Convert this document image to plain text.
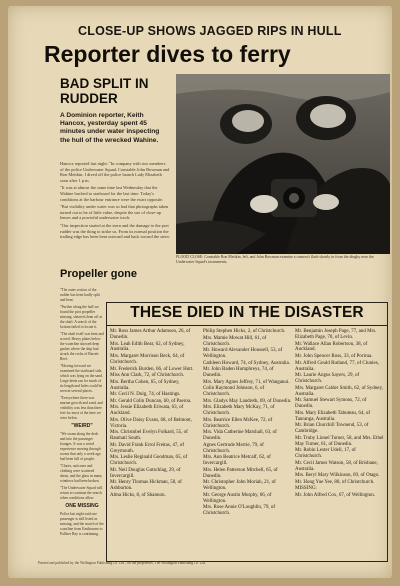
CLOSE-UP SHOWS JAGGED RIPS IN HULL
Reporter dives to ferry
BAD SPLIT IN RUDDER
A Dominion reporter, Keith Hancox, yesterday spent 45 minutes under water inspecting the hull of the wrecked Wahine.

Hancox reported last night: "In company with two members of the police Underwater Squad, Constable John Bowman and Ron Mettkin, I dived off the police launch Lady Elizabeth soon after 1 p.m.

"It was at almost the same time last Wednesday that the Wahine lurched to starboard for the last time. Today's conditions at the harbour entrance were the exact opposite.

"But visibility under water was so bad that photographs taken turned out to be of little value, despite the use of close-up lenses and a powerful underwater torch.

"Our inspection started at the stern and the damage to the port rudder was the thing to strike us. From its normal position the trailing edge has been bent outward and back toward the stern.

FLOOD CLOSE: Constable Ron Mettkin, left, and John Bowman examine a camera's flash shortly in from the dinghy near the Underwater Squad's instruments.
Propeller gone

"The outer section of the rudder has been badly split and bent.

"Further along the hull we found the port propeller missing, sheared clean off at the shaft. A search of the bottom failed to locate it.

"The shaft itself was bent and scored. Heavy plates below the waterline showed deep gashes where the ship had struck the rocks of Barrett Reef.

"Moving forward we examined the starboard side, which was lying on the sand. Large dents ran for much of its length and holes could be seen in several places.

"Everywhere there was marine growth and sand, and visibility was less than three feet for most of the time we were below.

"WEIRD"

"We swam along the deck and into the passenger lounges. It was a weird experience moving through rooms that only a week ago had been full of people.

"Chairs, suitcases and clothing were scattered about, and the glass in many windows had been broken.

"The Underwater Squad will return to continue the search when conditions allow.

ONE MISSING

Police last night said one passenger is still listed as missing, and the search of the coastline from Eastbourne to Palliser Bay is continuing.

THESE DIED IN THE DISASTER
Mr. Ross James Arthur Adamson, 26, of Dunedin.
Mrs. Leah Edith Bear, 62, of Sydney, Australia.
Mrs. Margaret Morrison Beck, 64, of Christchurch.
Mr. Frederick Burden, 66, of Lower Hutt.
Miss Ann Clark, 72, of Christchurch.
Mrs. Bertha Cohen, 65, of Sydney, Australia.
Mr. Cecil N. Doig, 74, of Hastings.
Mr. Gerald Colin Duncan, 60, of Paeroa.
Mrs. Jessie Elizabeth Eriwata, 63, of Auckland.
Mrs. Olive Daisy Evans, 68, of Belmont, Victoria.
Mrs. Christobel Evelyn Folkard, 55, of Raumati South.
Mr. David Frank Errol Freitas, 47, of Greymouth.
Mrs. Leslie Reginald Goodman, 65, of Christchurch.
Mr. Neil Douglas Gutschlag, 29, of Invercargill.
Mr. Henry Thomas Hickman, 58, of Ashburton.
Alma Hicks, 8, of Shannon.
Philip Stephen Hicks, 2, of Christchurch.
Mrs. Mamie Mowat Hill, 61, of Christchurch.
Mr. Howard Alexander Houssell, 53, of Wellington.
Cathleen Howard, 74, of Sydney, Australia.
Mr. John Baden Humphreys, 74, of Dunedin.
Mrs. Mary Agnes Jeffrey, 71, of Wanganui.
Colin Raymond Johnson, 6, of Christchurch.
Mrs. Gladys May Landreth, 69, of Dunedin.
Mrs. Elizabeth Mary McKay, 71, of Christchurch.
Mrs. Beatrice Ellen McKee, 72, of Christchurch.
Mrs. Vida Catherine Marshall, 63, of Dunedin.
Agnes Gertrude Merrie, 79, of Christchurch.
Mrs. Ann Beatrice Metcalf, 62, of Invercargill.
Mrs. Helen Patterson Mitchell, 65, of Dunedin.
Mr. Christopher John Moriah, 21, of Wellington.
Mr. George Austin Murphy, 66, of Wellington.
Mrs. Rose Annie O'Loughlin, 79, of Christchurch.
Mr. Benjamin Joseph Page, 77, and Mrs. Elizabeth Page, 70, of Levin.
Mr. Wallace Allan Robertson, 38, of Auckland.
Mr. John Spencer Ross, 33, of Porirua.
Mr. Alfred Gould Rutland, 77, of Clunies, Australia.
Mr. Laurie Angus Sayers, 29, of Christchurch.
Mrs. Margaret Calder Smith, 62, of Sydney, Australia.
Mr. Samuel Stewart Symons, 72, of Dunedin.
Mrs. Mary Elizabeth Tabuteau, 64, of Tauranga, Australia.
Mr. Brian Churchill Townend, 53, of Cambridge.
Mr. Truby Lionel Turner, 58, and Mrs. Ethel May Turner, 61, of Dunedin.
Mr. Robin Lester Udell, 17, of Christchurch.
Mr. Cecil James Watson, 58, of Brisbane, Australia.
Mrs. Beryl Mary Wilkinson, 69, of Otago.
Mr. Hong Yue Yee, 80, of Christchurch.
MISSING:
Mr. John Alfred Cox, 67, of Wellington.
Printed and published by the Wellington Publishing Co. Ltd., for the proprietors, The Wellington Publishing Co. Ltd.
